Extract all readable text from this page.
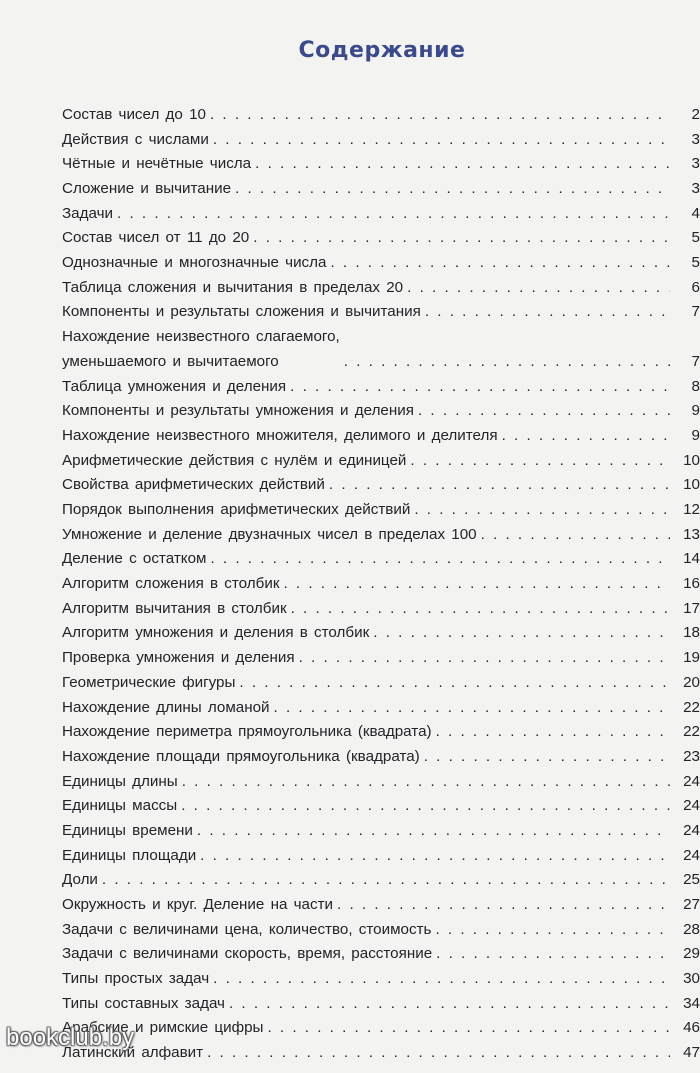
Содержание
Состав чисел до 10 . . .	2
Действия с числами . . .	3
Чётные и нечётные числа . . .	3
Сложение и вычитание . . .	3
Задачи . . .	4
Состав чисел от 11 до 20 . . .	5
Однозначные и многозначные числа . . .	5
Таблица сложения и вычитания в пределах 20 . . .	6
Компоненты и результаты сложения и вычитания . . .	7
Нахождение неизвестного слагаемого,
уменьшаемого и вычитаемого . . .	7
Таблица умножения и деления . . .	8
Компоненты и результаты умножения и деления . . .	9
Нахождение неизвестного множителя, делимого и делителя . . .	9
Арифметические действия с нулём и единицей . . .	10
Свойства арифметических действий . . .	10
Порядок выполнения арифметических действий . . .	12
Умножение и деление двузначных чисел в пределах 100 . . .	13
Деление с остатком . . .	14
Алгоритм сложения в столбик . . .	16
Алгоритм вычитания в столбик . . .	17
Алгоритм умножения и деления в столбик . . .	18
Проверка умножения и деления . . .	19
Геометрические фигуры . . .	20
Нахождение длины ломаной . . .	22
Нахождение периметра прямоугольника (квадрата) . . .	22
Нахождение площади прямоугольника (квадрата) . . .	23
Единицы длины . . .	24
Единицы массы . . .	24
Единицы времени . . .	24
Единицы площади . . .	24
Доли . . .	25
Окружность и круг. Деление на части . . .	27
Задачи с величинами цена, количество, стоимость . . .	28
Задачи с величинами скорость, время, расстояние . . .	29
Типы простых задач . . .	30
Типы составных задач . . .	34
Арабские и римские цифры . . .	46
Латинский алфавит . . .	47
bookclub.by
